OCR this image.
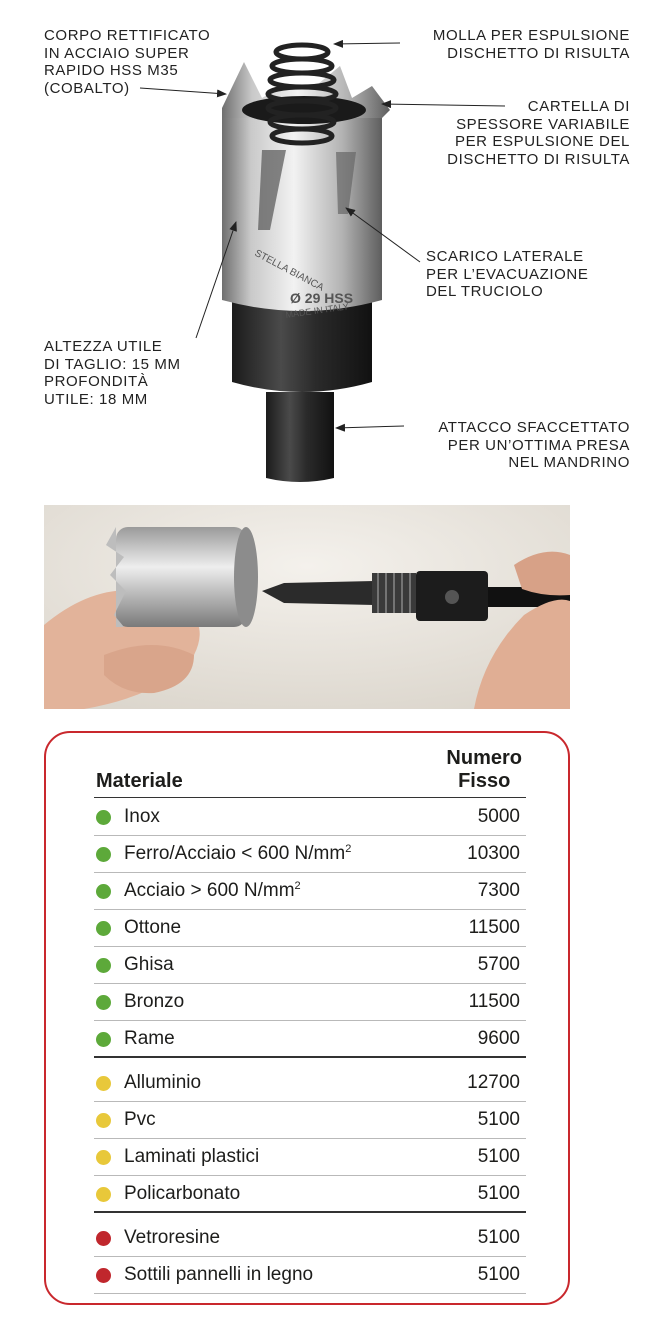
STELLA BIANCA
Ø 29 HSS
MADE IN ITALY
CORPO RETTIFICATO
IN ACCIAIO SUPER
RAPIDO HSS M35
(COBALTO)
MOLLA PER ESPULSIONE
DISCHETTO DI RISULTA
CARTELLA DI
SPESSORE VARIABILE
PER ESPULSIONE DEL
DISCHETTO DI RISULTA
SCARICO LATERALE
PER L’EVACUAZIONE
DEL TRUCIOLO
ALTEZZA UTILE
DI TAGLIO: 15 MM
PROFONDITÀ
UTILE: 18 MM
ATTACCO SFACCETTATO
PER UN’OTTIMA PRESA
NEL MANDRINO
Materiale
Numero
Fisso
Inox	5000
Ferro/Acciaio < 600 $N/mm^2$	10300
Acciaio > 600 $N/mm^2$	7300
Ottone	11500
Ghisa	5700
Bronzo	11500
Rame	9600
Alluminio	12700
Pvc	5100
Laminati plastici	5100
Policarbonato	5100
Vetroresine	5100
Sottili pannelli in legno	5100
